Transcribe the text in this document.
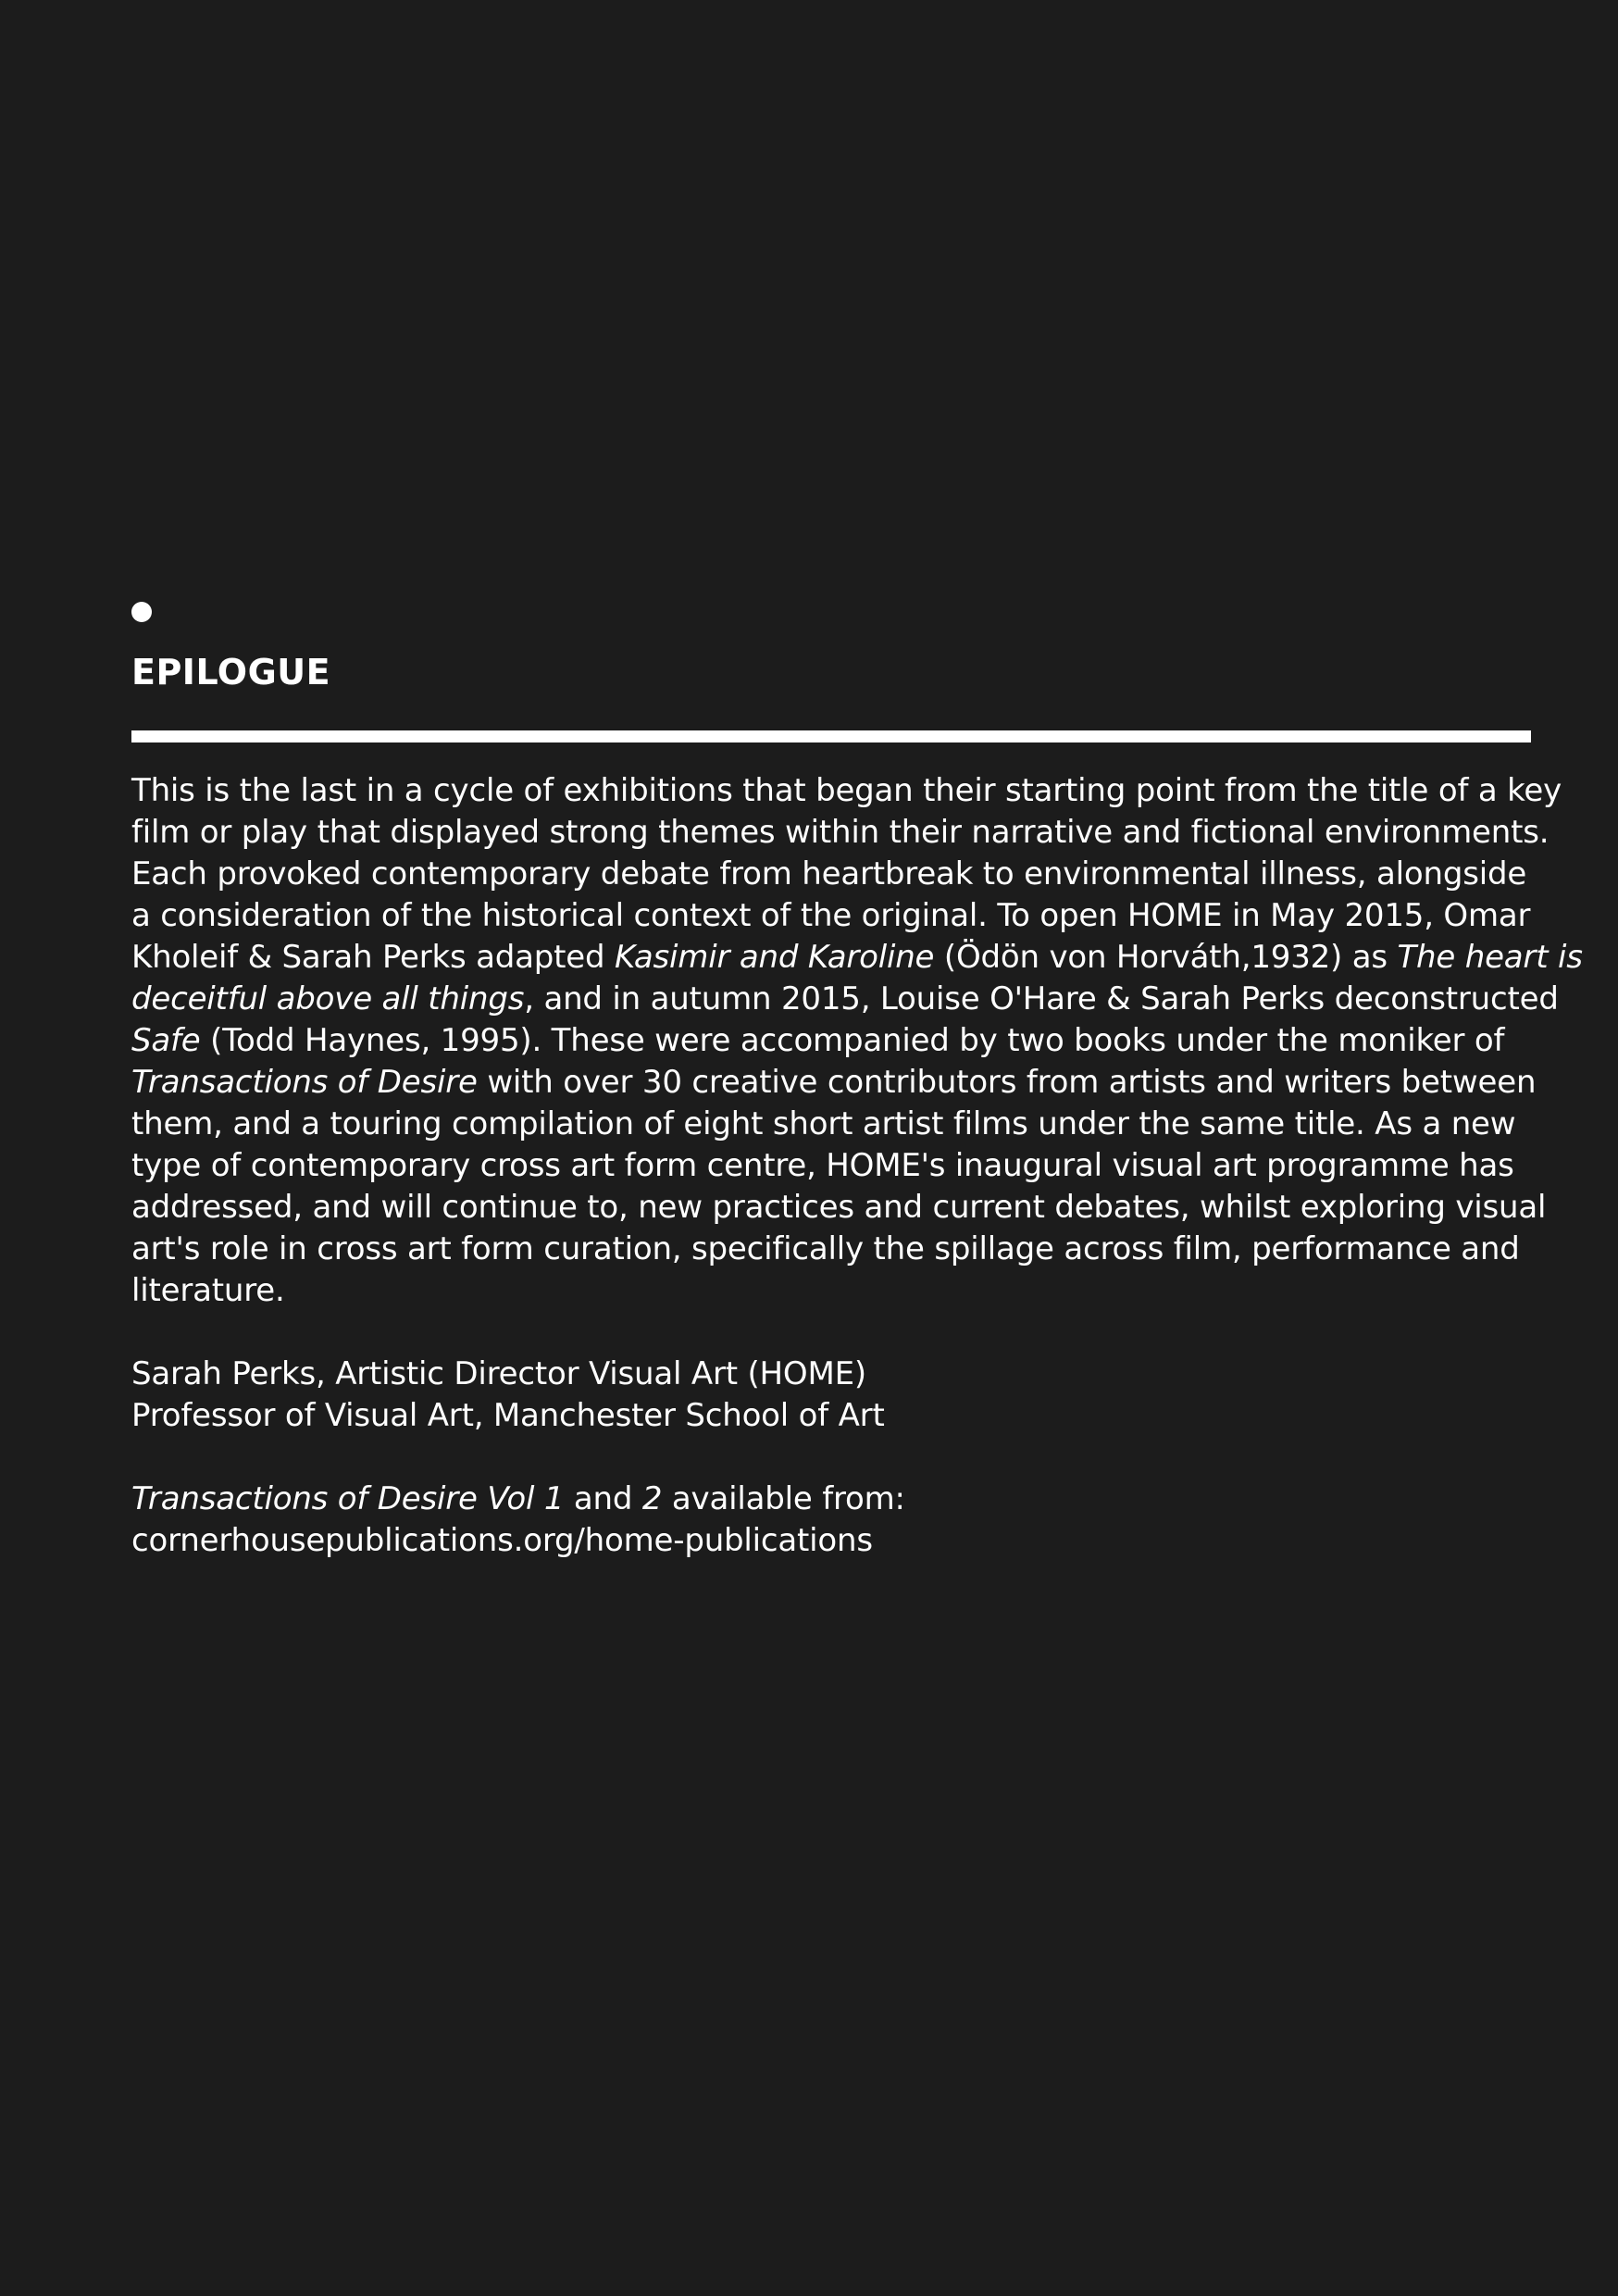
EPILOGUE
This is the last in a cycle of exhibitions that began their starting point from the title of a key
film or play that displayed strong themes within their narrative and fictional environments.
Each provoked contemporary debate from heartbreak to environmental illness, alongside
a consideration of the historical context of the original. To open HOME in May 2015, Omar
Kholeif & Sarah Perks adapted Kasimir and Karoline (Ödön von Horváth,1932) as The heart is
deceitful above all things, and in autumn 2015, Louise O'Hare & Sarah Perks deconstructed
Safe (Todd Haynes, 1995). These were accompanied by two books under the moniker of
Transactions of Desire with over 30 creative contributors from artists and writers between
them, and a touring compilation of eight short artist films under the same title. As a new
type of contemporary cross art form centre, HOME's inaugural visual art programme has
addressed, and will continue to, new practices and current debates, whilst exploring visual
art's role in cross art form curation, specifically the spillage across film, performance and
literature.
Sarah Perks, Artistic Director Visual Art (HOME)
Professor of Visual Art, Manchester School of Art
Transactions of Desire Vol 1 and 2 available from:
cornerhousepublications.org/home-publications
